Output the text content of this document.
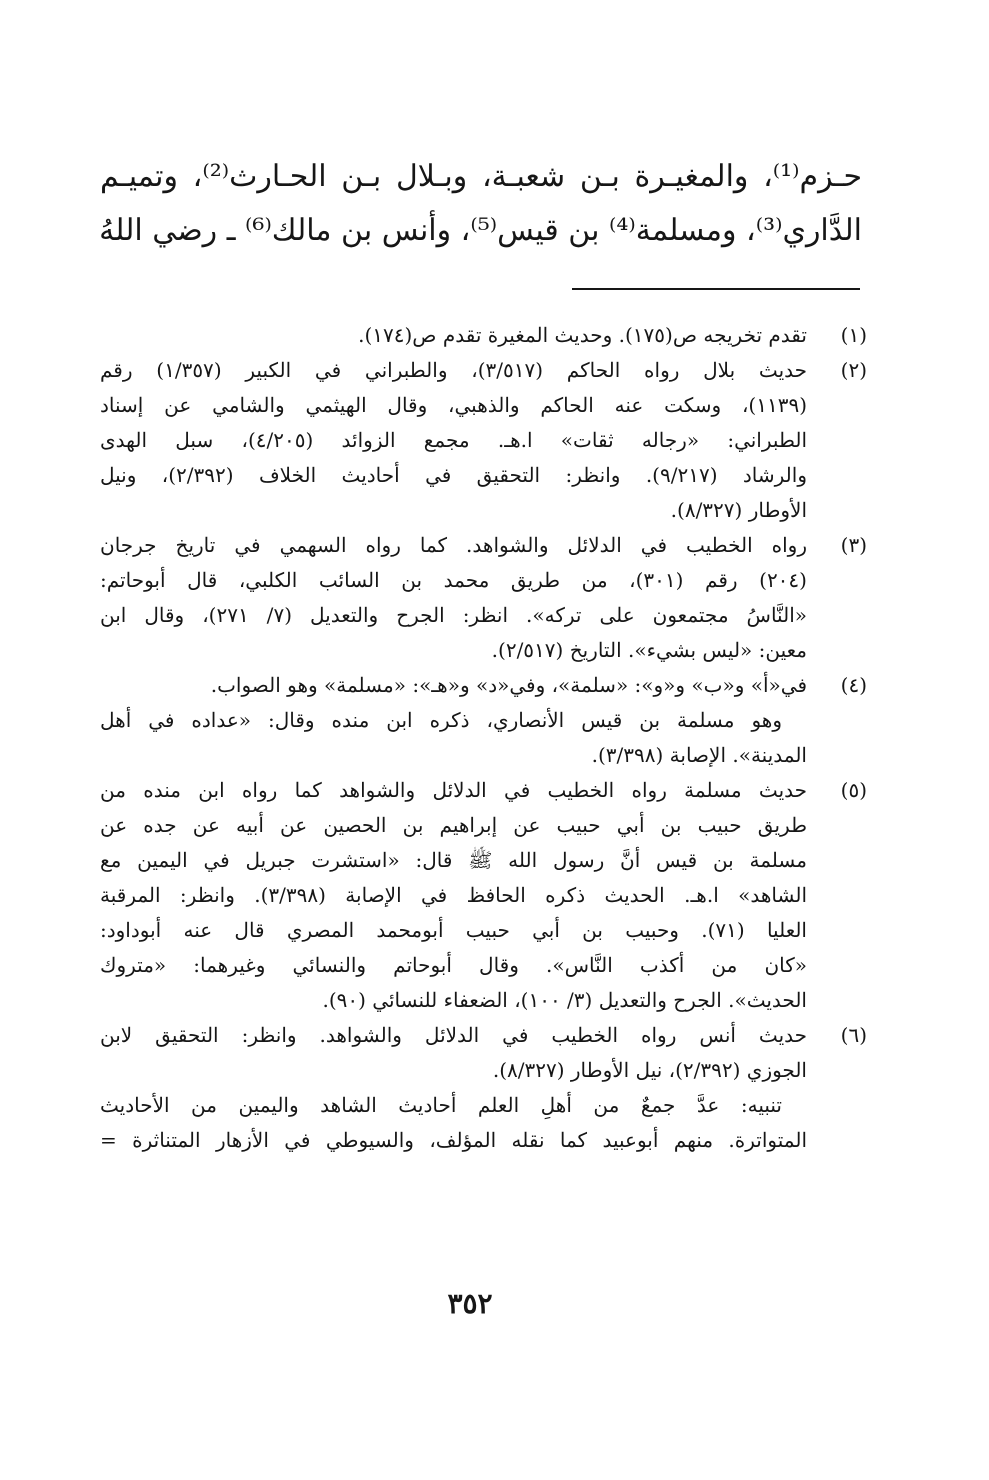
حـزم⁽¹⁾، والمغيـرة بـن شعبـة، وبـلال بـن الحـارث⁽²⁾، وتميـم
الدَّاري⁽³⁾، ومسلمة⁽⁴⁾ بن قيس⁽⁵⁾، وأنس بن مالك⁽⁶⁾ ـ رضي اللهُ
(١)
تقدم تخريجه ص(١٧٥). وحديث المغيرة تقدم ص(١٧٤).
(٢)
حديث بلال رواه الحاكم (٣/٥١٧)، والطبراني في الكبير (١/٣٥٧) رقم
(١١٣٩)، وسكت عنه الحاكم والذهبي، وقال الهيثمي والشامي عن إسناد
الطبراني: «رجاله ثقات» ا.هـ. مجمع الزوائد (٤/٢٠٥)، سبل الهدى
والرشاد (٩/٢١٧). وانظر: التحقيق في أحاديث الخلاف (٢/٣٩٢)، ونيل
الأوطار (٨/٣٢٧).
(٣)
رواه الخطيب في الدلائل والشواهد. كما رواه السهمي في تاريخ جرجان
(٢٠٤) رقم (٣٠١)، من طريق محمد بن السائب الكلبي، قال أبوحاتم:
«النَّاسُ مجتمعون على تركه». انظر: الجرح والتعديل (٧/ ٢٧١)، وقال ابن
معين: «ليس بشيء». التاريخ (٢/٥١٧).
(٤)
في«أ» و«ب» و«و»: «سلمة»، وفي«د» و«هـ»: «مسلمة» وهو الصواب.
وهو مسلمة بن قيس الأنصاري، ذكره ابن منده وقال: «عداده في أهل
المدينة». الإصابة (٣/٣٩٨).
(٥)
حديث مسلمة رواه الخطيب في الدلائل والشواهد كما رواه ابن منده من
طريق حبيب بن أبي حبيب عن إبراهيم بن الحصين عن أبيه عن جده عن
مسلمة بن قيس أنَّ رسول الله ﷺ قال: «استشرت جبريل في اليمين مع
الشاهد» ا.هـ. الحديث ذكره الحافظ في الإصابة (٣/٣٩٨). وانظر: المرقبة
العليا (٧١). وحبيب بن أبي حبيب أبومحمد المصري قال عنه أبوداود:
«كان من أكذب النَّاس». وقال أبوحاتم والنسائي وغيرهما: «متروك
الحديث». الجرح والتعديل (٣/ ١٠٠)، الضعفاء للنسائي (٩٠).
(٦)
حديث أنس رواه الخطيب في الدلائل والشواهد. وانظر: التحقيق لابن
الجوزي (٢/٣٩٢)، نيل الأوطار (٨/٣٢٧).
تنبيه: عدَّ جمعٌ من أهلِ العلم أحاديث الشاهد واليمين من الأحاديث
المتواترة. منهم أبوعبيد كما نقله المؤلف، والسيوطي في الأزهار المتناثرة =
٣٥٢
